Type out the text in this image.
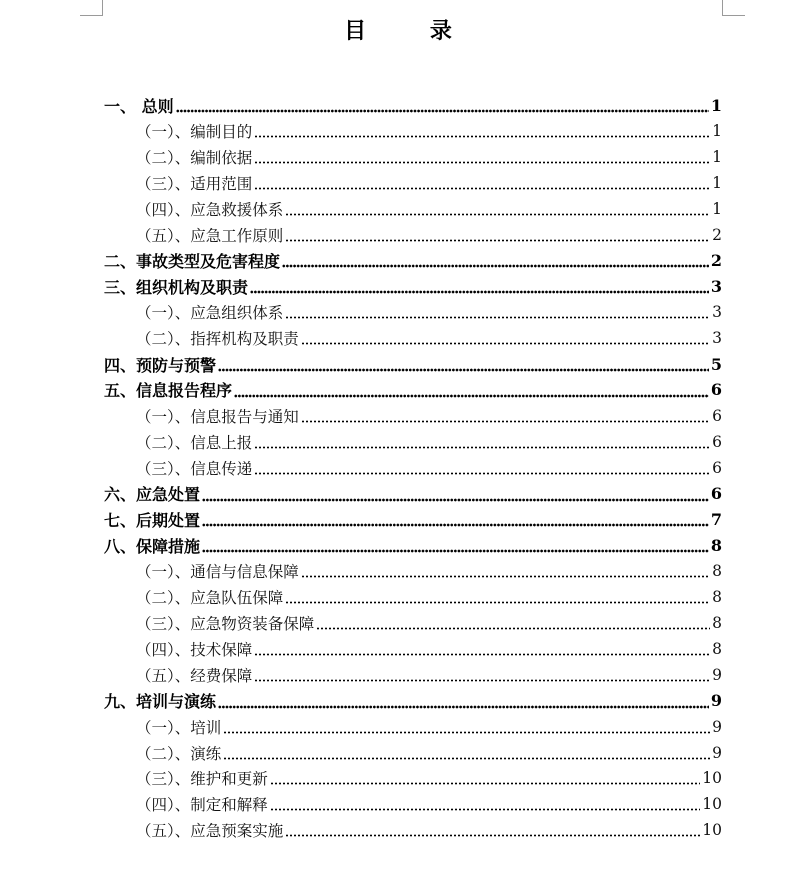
目 录
一、 总则	1
（一）、编制目的	1
（二）、编制依据	1
（三）、适用范围	1
（四）、应急救援体系	1
（五）、应急工作原则	2
二、事故类型及危害程度	2
三、组织机构及职责	3
（一）、应急组织体系	3
（二）、指挥机构及职责	3
四、预防与预警	5
五、信息报告程序	6
（一）、信息报告与通知	6
（二）、信息上报	6
（三）、信息传递	6
六、应急处置	6
七、后期处置	7
八、保障措施	8
（一）、通信与信息保障	8
（二）、应急队伍保障	8
（三）、应急物资装备保障	8
（四）、技术保障	8
（五）、经费保障	9
九、培训与演练	9
（一）、培训	9
（二）、演练	9
（三）、维护和更新	10
（四）、制定和解释	10
（五）、应急预案实施	10
